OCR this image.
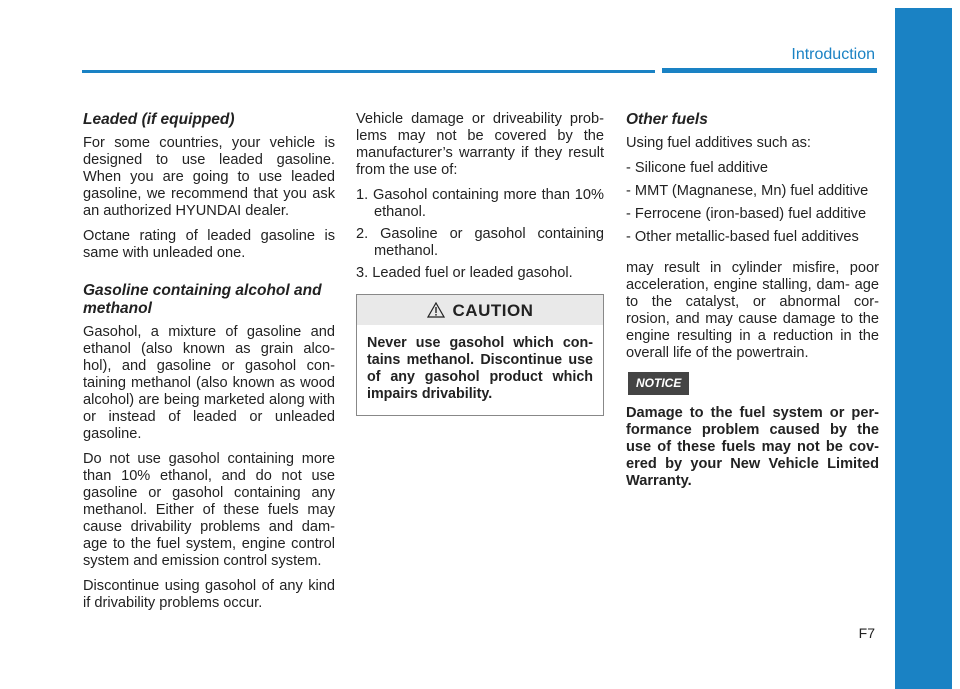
Introduction
Leaded (if equipped)

For some countries, your vehicle is designed to use leaded gasoline. When you are going to use leaded gasoline, we recommend that you ask an authorized HYUNDAI dealer.

Octane rating of leaded gasoline is same with unleaded one.

Gasoline containing alcohol and methanol

Gasohol, a mixture of gasoline and ethanol (also known as grain alco- hol), and gasoline or gasohol con- taining methanol (also known as wood alcohol) are being marketed along with or instead of leaded or unleaded gasoline.

Do not use gasohol containing more than 10% ethanol, and do not use gasoline or gasohol containing any methanol. Either of these fuels may cause drivability problems and dam- age to the fuel system, engine control system and emission control system.

Discontinue using gasohol of any kind if drivability problems occur.

Vehicle damage or driveability prob- lems may not be covered by the manufacturer’s warranty if they result from the use of:

1. Gasohol containing more than 10% ethanol.
2. Gasoline or gasohol containing methanol.
3. Leaded fuel or leaded gasohol.
CAUTION
Never use gasohol which con- tains methanol. Discontinue use of any gasohol product which impairs drivability.
Other fuels

Using fuel additives such as:

- Silicone fuel additive
- MMT (Magnanese, Mn) fuel additive
- Ferrocene (iron-based) fuel additive
- Other metallic-based fuel additives

may result in cylinder misfire, poor acceleration, engine stalling, dam- age to the catalyst, or abnormal cor- rosion, and may cause damage to the engine resulting in a reduction in the overall life of the powertrain.

NOTICE

Damage to the fuel system or per- formance problem caused by the use of these fuels may not be cov- ered by your New Vehicle Limited Warranty.

F7
